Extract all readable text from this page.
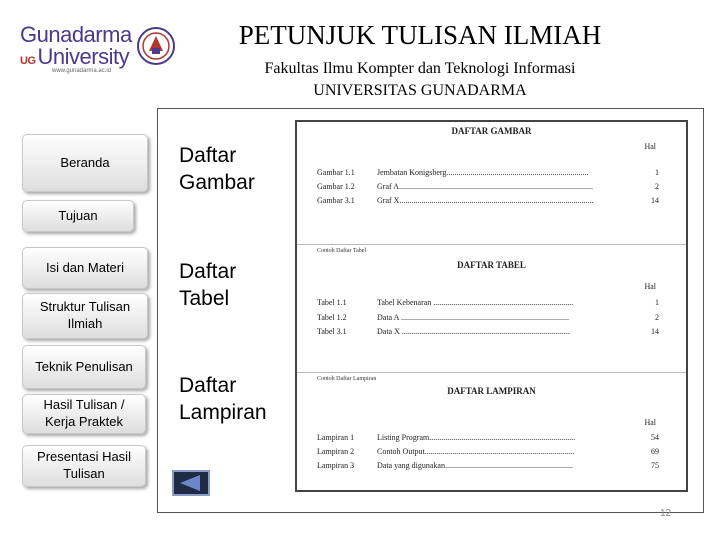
Gunadarma
UGUniversity
www.gunadarma.ac.id
PETUNJUK TULISAN ILMIAH
Fakultas Ilmu Kompter dan Teknologi Informasi
UNIVERSITAS GUNADARMA
Beranda
Tujuan
Isi dan Materi
Struktur Tulisan Ilmiah
Teknik Penulisan
Hasil Tulisan / Kerja Praktek
Presentasi Hasil Tulisan
Daftar Gambar
Daftar Tabel
Daftar Lampiran
DAFTAR GAMBAR
Hal
Gambar 1.1	Jembatan Konigsberg.......................................................................	1
Gambar 1.2	Graf A.................................................................................................	2
Gambar 3.1	Graf X.................................................................................................	14
Contoh Daftar Tabel
DAFTAR TABEL
Hal
Tabel 1.1	Tabel Kebenaran ......................................................................	1
Tabel 1.2	Data A ....................................................................................	2
Tabel 3.1	Data X ....................................................................................	14
Contoh Daftar Lampiran
DAFTAR LAMPIRAN
Hal
Lampiran 1	Listing Program.........................................................................	54
Lampiran 2	Contoh Output...........................................................................	69
Lampiran 3	Data yang digunakan................................................................	75
12
